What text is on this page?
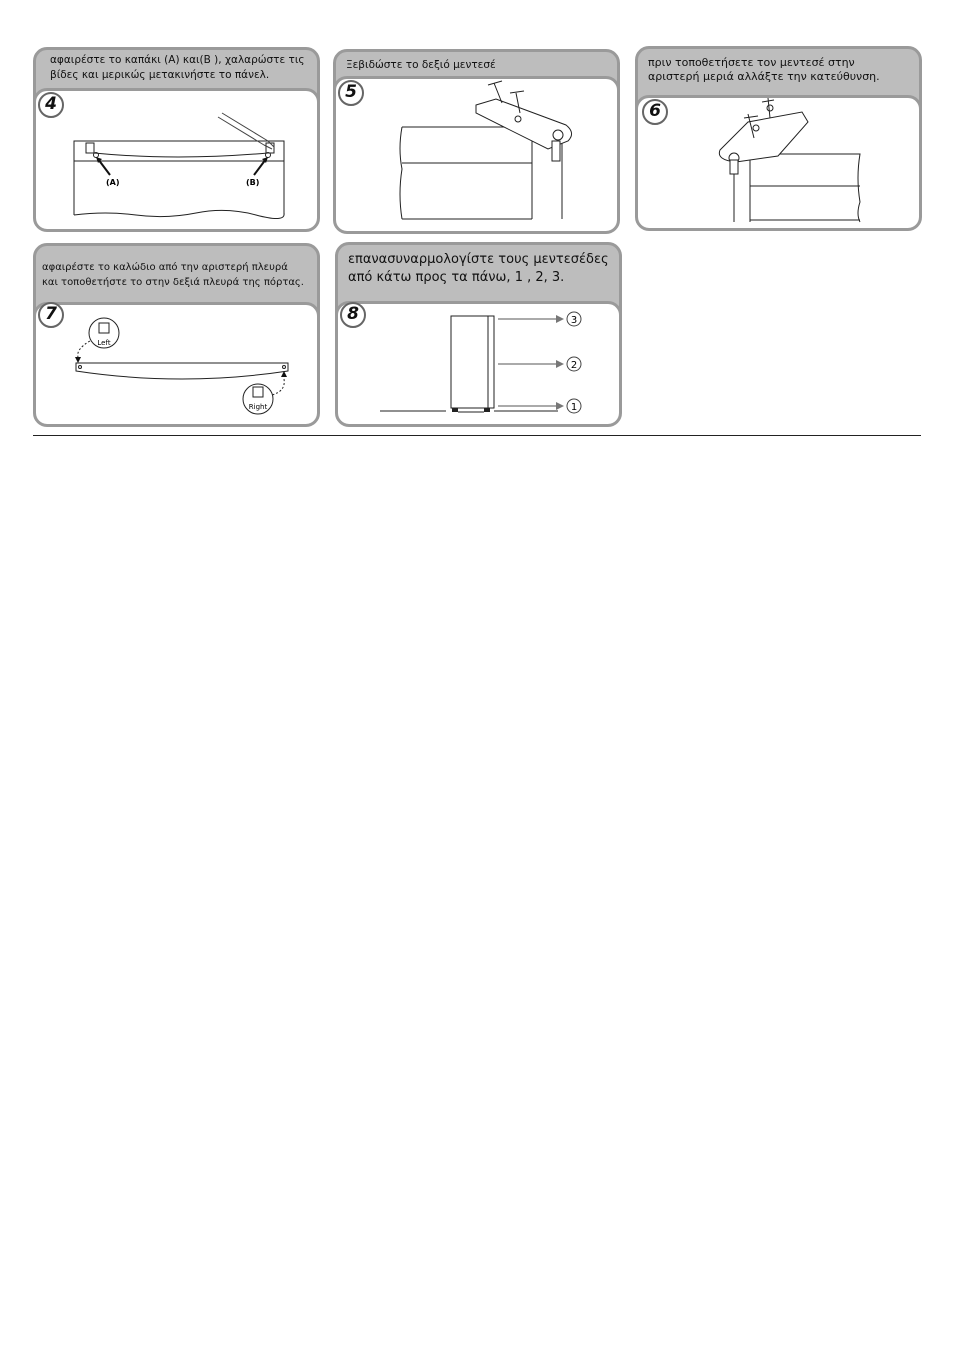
αφαιρέστε το καπάκι (A) και(B ), χαλαρώστε τις
βίδες και μερικώς μετακινήστε το πάνελ.
(A)	(B)
4
Ξεβιδώστε το δεξιό μεντεσέ
5
πριν τοποθετήσετε τον μεντεσέ στην
αριστερή μεριά αλλάξτε την κατεύθυνση.
6
αφαιρέστε το καλώδιο από την αριστερή πλευρά
και τοποθετήστε το στην δεξιά πλευρά της πόρτας.
Left
Right
7
επανασυναρμολογίστε τους μεντεσέδες
από κάτω προς τα πάνω, 1 , 2, 3.
3
2
1
8
